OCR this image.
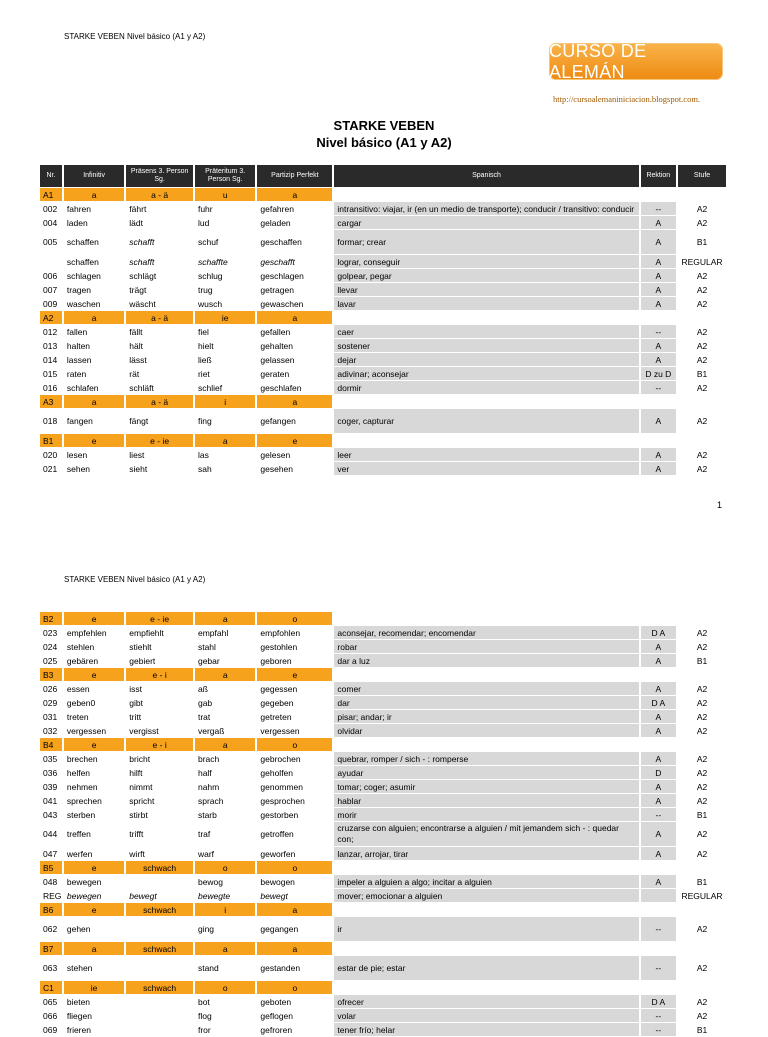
STARKE VEBEN Nivel básico (A1 y A2)
CURSO DE ALEMÁN
http://cursoalemaniniciacion.blogspot.com.
STARKE VEBEN
Nivel básico (A1 y A2)
Nr.	Infinitiv	Präsens 3. Person Sg.	Präteritum 3. Person Sg.	Partizip Perfekt	Spanisch	Rektion	Stufe
A1	a	a - ä	u	a			
002	fahren	fährt	fuhr	gefahren	intransitivo: viajar, ir (en un medio de transporte); conducir / transitivo: conducir	--	A2
004	laden	lädt	lud	geladen	cargar	A	A2
005	schaffen	schafft	schuf	geschaffen	formar; crear	A	B1
	schaffen	schafft	schaffte	geschafft	lograr, conseguir	A	REGULAR
006	schlagen	schlägt	schlug	geschlagen	golpear, pegar	A	A2
007	tragen	trägt	trug	getragen	llevar	A	A2
009	waschen	wäscht	wusch	gewaschen	lavar	A	A2
A2	a	a - ä	ie	a			
012	fallen	fällt	fiel	gefallen	caer	--	A2
013	halten	hält	hielt	gehalten	sostener	A	A2
014	lassen	lässt	ließ	gelassen	dejar	A	A2
015	raten	rät	riet	geraten	adivinar; aconsejar	D zu D	B1
016	schlafen	schläft	schlief	geschlafen	dormir	--	A2
A3	a	a - ä	i	a			
018	fangen	fängt	fing	gefangen	coger, capturar	A	A2
B1	e	e - ie	a	e			
020	lesen	liest	las	gelesen	leer	A	A2
021	sehen	sieht	sah	gesehen	ver	A	A2
1
STARKE VEBEN Nivel básico (A1 y A2)
B2	e	e - ie	a	o			
023	empfehlen	empfiehlt	empfahl	empfohlen	aconsejar, recomendar; encomendar	D A	A2
024	stehlen	stiehlt	stahl	gestohlen	robar	A	A2
025	gebären	gebiert	gebar	geboren	dar a luz	A	B1
B3	e	e - i	a	e			
026	essen	isst	aß	gegessen	comer	A	A2
029	geben0	gibt	gab	gegeben	dar	D A	A2
031	treten	tritt	trat	getreten	pisar; andar; ir	A	A2
032	vergessen	vergisst	vergaß	vergessen	olvidar	A	A2
B4	e	e - i	a	o			
035	brechen	bricht	brach	gebrochen	quebrar, romper / sich - : romperse	A	A2
036	helfen	hilft	half	geholfen	ayudar	D	A2
039	nehmen	nimmt	nahm	genommen	tomar; coger; asumir	A	A2
041	sprechen	spricht	sprach	gesprochen	hablar	A	A2
043	sterben	stirbt	starb	gestorben	morir	--	B1
044	treffen	trifft	traf	getroffen	cruzarse con alguien; encontrarse a alguien / mit jemandem sich - : quedar con;	A	A2
047	werfen	wirft	warf	geworfen	lanzar, arrojar, tirar	A	A2
B5	e	schwach	o	o			
048	bewegen		bewog	bewogen	impeler a alguien a algo; incitar a alguien	A	B1
REG	bewegen	bewegt	bewegte	bewegt	mover; emocionar a alguien		REGULAR
B6	e	schwach	i	a			
062	gehen		ging	gegangen	ir	--	A2
B7	a	schwach	a	a			
063	stehen		stand	gestanden	estar de pie; estar	--	A2
C1	ie	schwach	o	o			
065	bieten		bot	geboten	ofrecer	D A	A2
066	fliegen		flog	geflogen	volar	--	A2
069	frieren		fror	gefroren	tener frío; helar	--	B1
